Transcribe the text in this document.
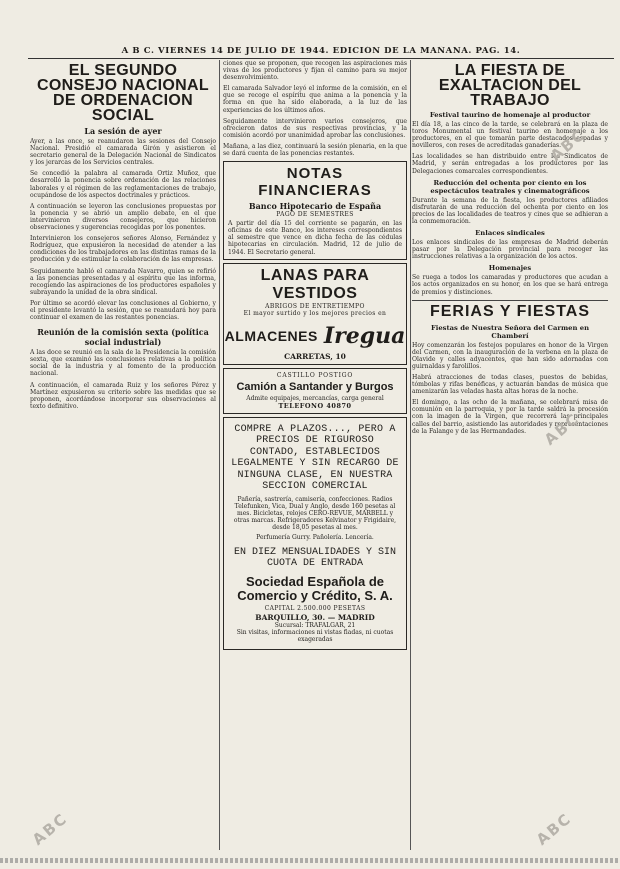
A B C. VIERNES 14 DE JULIO DE 1944. EDICIÓN DE LA MAÑANA. PAG. 14.
EL SEGUNDO CONSEJO NACIONAL DE ORDENACION SOCIAL
La sesión de ayer

Ayer, a las once, se reanudaron las sesiones del Consejo Nacional. Presidió el camarada Girón y asistieron el secretario general de la Delegación Nacional de Sindicatos y los jerarcas de los Servicios centrales.

Se concedió la palabra al camarada Ortiz Muñoz, que desarrolló la ponencia sobre ordenación de las relaciones laborales y el régimen de las reglamentaciones de trabajo, ocupándose de los aspectos doctrinales y prácticos.

A continuación se leyeron las conclusiones propuestas por la ponencia y se abrió un amplio debate, en el que intervinieron diversos consejeros, que hicieron observaciones y sugerencias recogidas por los ponentes.

Intervinieron los consejeros señores Alonso, Fernández y Rodríguez, que expusieron la necesidad de atender a las condiciones de los trabajadores en las distintas ramas de la producción y de estimular la colaboración de las empresas.

Seguidamente habló el camarada Navarro, quien se refirió a las ponencias presentadas y al espíritu que las informa, recogiendo las aspiraciones de los productores españoles y subrayando la unidad de la obra sindical.

Por último se acordó elevar las conclusiones al Gobierno, y el presidente levantó la sesión, que se reanudará hoy para continuar el examen de las restantes ponencias.

Reunión de la comisión sexta (política social industrial)

A las doce se reunió en la sala de la Presidencia la comisión sexta, que examinó las conclusiones relativas a la política social de la industria y al fomento de la producción nacional.

A continuación, el camarada Ruiz y los señores Pérez y Martínez expusieron su criterio sobre las medidas que se proponen, acordándose incorporar sus observaciones al texto definitivo.

ciones que se proponen, que recogen las aspiraciones más vivas de los productores y fijan el camino para su mejor desenvolvimiento.

El camarada Salvador leyó el informe de la comisión, en el que se recoge el espíritu que anima a la ponencia y la forma en que ha sido elaborada, a la luz de las experiencias de los últimos años.

Seguidamente intervinieron varios consejeros, que ofrecieron datos de sus respectivas provincias, y la comisión acordó por unanimidad aprobar las conclusiones.

Mañana, a las diez, continuará la sesión plenaria, en la que se dará cuenta de las ponencias restantes.

NOTAS FINANCIERAS
Banco Hipotecario de España
PAGO DE SEMESTRES

A partir del día 15 del corriente se pagarán, en las oficinas de este Banco, los intereses correspondientes al semestre que vence en dicha fecha de las cédulas hipotecarias en circulación. Madrid, 12 de julio de 1944. El Secretario general.

LANAS PARA VESTIDOS
ABRIGOS DE ENTRETIEMPO
El mayor surtido y los mejores precios en
ALMACENES Iregua
CARRETAS, 10
CASTILLO POSTIGO
Camión a Santander y Burgos
Admite equipajes, mercancías, carga general
TELEFONO 40870
COMPRE A PLAZOS..., PERO A PRECIOS DE RIGUROSO CONTADO, ESTABLECIDOS LEGALMENTE Y SIN RECARGO DE NINGUNA CLASE, EN NUESTRA SECCION COMERCIAL
Pañería, sastrería, camisería, confecciones. Radios Telefunken, Vica, Dual y Anglo, desde 160 pesetas al mes. Bicicletas, relojes CERO-REVUE, MARBELL y otras marcas. Refrigeradores Kelvinator y Frigidaire, desde 18,05 pesetas al mes.
Perfumería Gurry. Pañolería. Lencería.
EN DIEZ MENSUALIDADES Y SIN CUOTA DE ENTRADA
Sociedad Española de Comercio y Crédito, S. A.
CAPITAL 2.500.000 PESETAS
BARQUILLO, 30. — MADRID
Sucursal: TRAFALGAR, 21
Sin visitas, informaciones ni vistas fiadas, ni cuotas exageradas
LA FIESTA DE EXALTACION DEL TRABAJO
Festival taurino de homenaje al productor

El día 18, a las cinco de la tarde, se celebrará en la plaza de toros Monumental un festival taurino en homenaje a los productores, en el que tomarán parte destacados espadas y novilleros, con reses de acreditadas ganaderías.

Las localidades se han distribuido entre los Sindicatos de Madrid, y serán entregadas a los productores por las Delegaciones comarcales correspondientes.

Reducción del ochenta por ciento en los espectáculos teatrales y cinematográficos

Durante la semana de la fiesta, los productores afiliados disfrutarán de una reducción del ochenta por ciento en los precios de las localidades de teatros y cines que se adhieran a la conmemoración.

Enlaces sindicales

Los enlaces sindicales de las empresas de Madrid deberán pasar por la Delegación provincial para recoger las instrucciones relativas a la organización de los actos.

Homenajes

Se ruega a todos los camaradas y productores que acudan a los actos organizados en su honor, en los que se hará entrega de premios y distinciones.

FERIAS Y FIESTAS
Fiestas de Nuestra Señora del Carmen en Chamberí

Hoy comenzarán los festejos populares en honor de la Virgen del Carmen, con la inauguración de la verbena en la plaza de Olavide y calles adyacentes, que han sido adornadas con guirnaldas y farolillos.

Habrá atracciones de todas clases, puestos de bebidas, tómbolas y rifas benéficas, y actuarán bandas de música que amenizarán las veladas hasta altas horas de la noche.

El domingo, a las ocho de la mañana, se celebrará misa de comunión en la parroquia, y por la tarde saldrá la procesión con la imagen de la Virgen, que recorrerá las principales calles del barrio, asistiendo las autoridades y representaciones de la Falange y de las Hermandades.

ABC
ABC
ABC
ABC
